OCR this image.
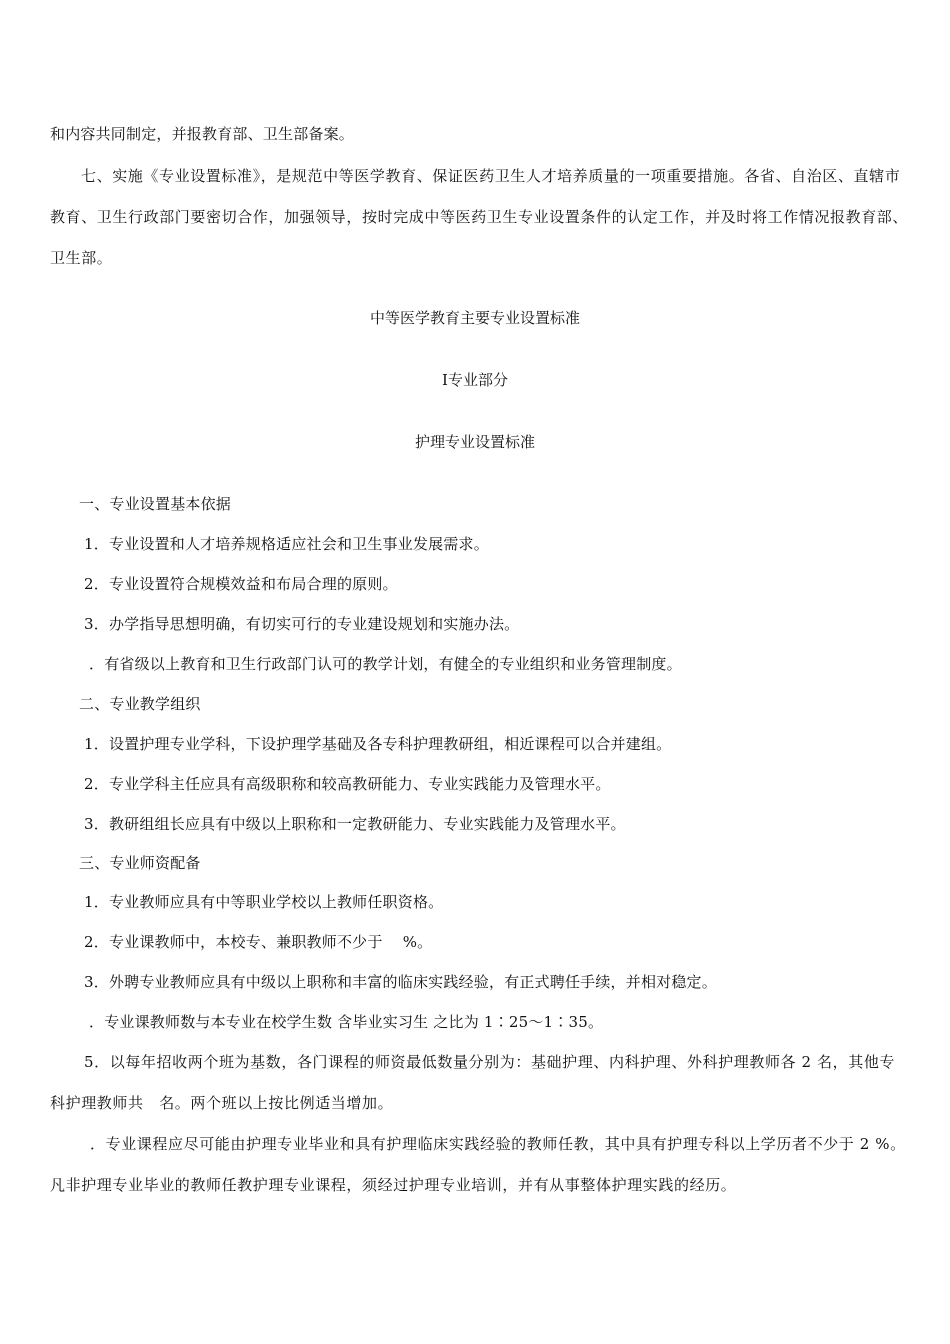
和内容共同制定，并报教育部、卫生部备案。
七、实施《专业设置标准》，是规范中等医学教育、保证医药卫生人才培养质量的一项重要措施。各省、自治区、直辖市教育、卫生行政部门要密切合作，加强领导，按时完成中等医药卫生专业设置条件的认定工作，并及时将工作情况报教育部、卫生部。
中等医学教育主要专业设置标准
Ⅰ专业部分
护理专业设置标准
一、专业设置基本依据
1．专业设置和人才培养规格适应社会和卫生事业发展需求。
2．专业设置符合规模效益和布局合理的原则。
3．办学指导思想明确，有切实可行的专业建设规划和实施办法。
．有省级以上教育和卫生行政部门认可的教学计划，有健全的专业组织和业务管理制度。
二、专业教学组织
1．设置护理专业学科，下设护理学基础及各专科护理教研组，相近课程可以合并建组。
2．专业学科主任应具有高级职称和较高教研能力、专业实践能力及管理水平。
3．教研组组长应具有中级以上职称和一定教研能力、专业实践能力及管理水平。
三、专业师资配备
1．专业教师应具有中等职业学校以上教师任职资格。
2．专业课教师中，本校专、兼职教师不少于　 %。
3．外聘专业教师应具有中级以上职称和丰富的临床实践经验，有正式聘任手续，并相对稳定。
．专业课教师数与本专业在校学生数 含毕业实习生 之比为 1∶25～1∶35。
5．以每年招收两个班为基数，各门课程的师资最低数量分别为：基础护理、内科护理、外科护理教师各 2 名，其他专科护理教师共　名。两个班以上按比例适当增加。
．专业课程应尽可能由护理专业毕业和具有护理临床实践经验的教师任教，其中具有护理专科以上学历者不少于 2 %。凡非护理专业毕业的教师任教护理专业课程，须经过护理专业培训，并有从事整体护理实践的经历。
